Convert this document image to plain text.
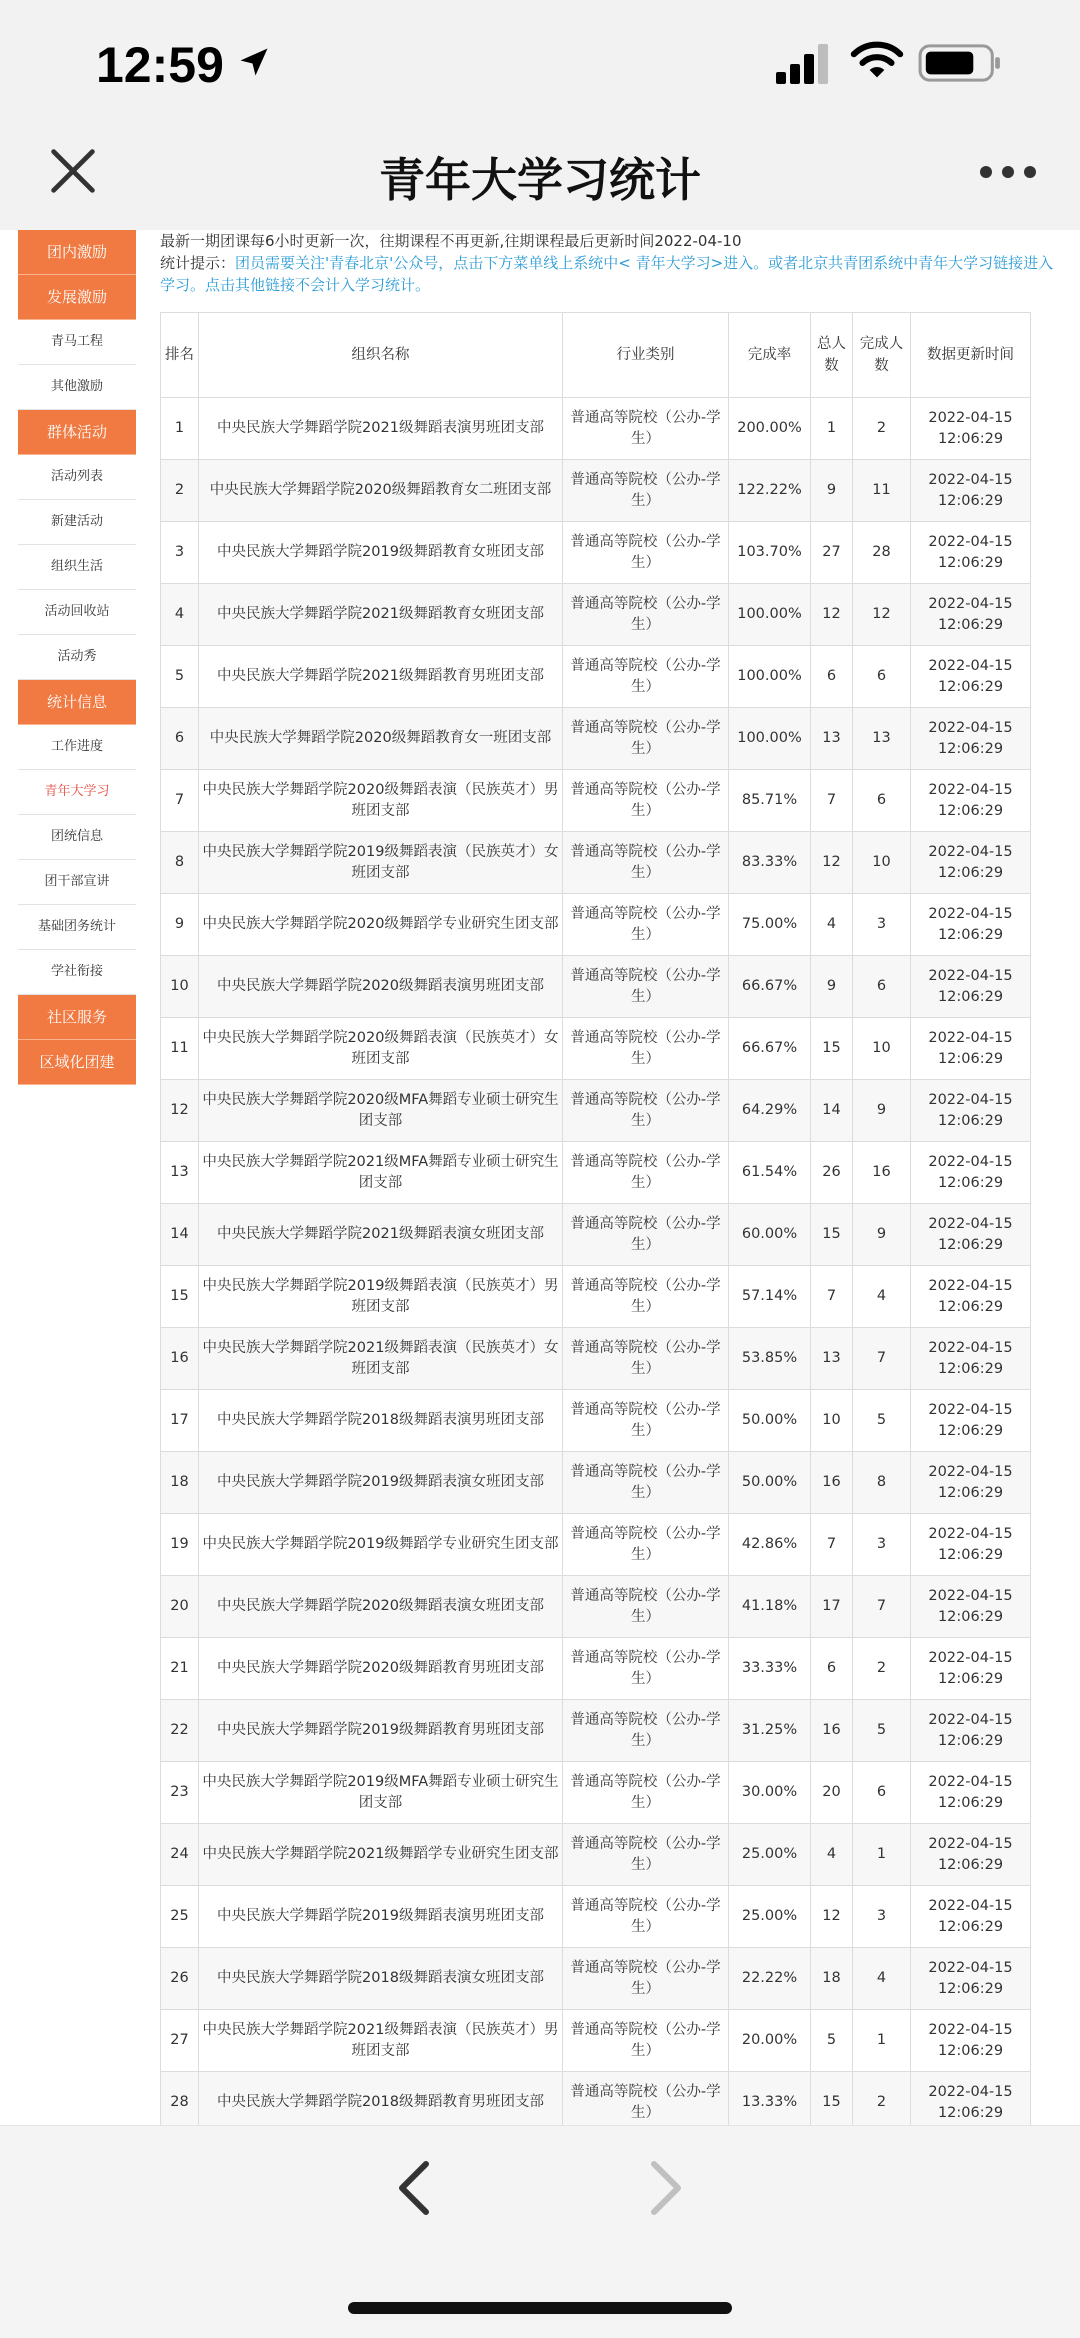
12:59
青年大学习统计
团内激励
发展激励
青马工程
其他激励
群体活动
活动列表
新建活动
组织生活
活动回收站
活动秀
统计信息
工作进度
青年大学习
团统信息
团干部宣讲
基础团务统计
学社衔接
社区服务
区域化团建
最新一期团课每6小时更新一次，往期课程不再更新,往期课程最后更新时间2022-04-10
统计提示：团员需要关注'青春北京'公众号，点击下方菜单线上系统中< 青年大学习>进入。或者北京共青团系统中青年大学习链接进入学习。点击其他链接不会计入学习统计。
排名	组织名称	行业类别	完成率	总人数	完成人数	数据更新时间
1	中央民族大学舞蹈学院2021级舞蹈表演男班团支部	普通高等院校（公办-学生）	200.00%	1	2	2022-04-15 12:06:29
2	中央民族大学舞蹈学院2020级舞蹈教育女二班团支部	普通高等院校（公办-学生）	122.22%	9	11	2022-04-15 12:06:29
3	中央民族大学舞蹈学院2019级舞蹈教育女班团支部	普通高等院校（公办-学生）	103.70%	27	28	2022-04-15 12:06:29
4	中央民族大学舞蹈学院2021级舞蹈教育女班团支部	普通高等院校（公办-学生）	100.00%	12	12	2022-04-15 12:06:29
5	中央民族大学舞蹈学院2021级舞蹈教育男班团支部	普通高等院校（公办-学生）	100.00%	6	6	2022-04-15 12:06:29
6	中央民族大学舞蹈学院2020级舞蹈教育女一班团支部	普通高等院校（公办-学生）	100.00%	13	13	2022-04-15 12:06:29
7	中央民族大学舞蹈学院2020级舞蹈表演（民族英才）男班团支部	普通高等院校（公办-学生）	85.71%	7	6	2022-04-15 12:06:29
8	中央民族大学舞蹈学院2019级舞蹈表演（民族英才）女班团支部	普通高等院校（公办-学生）	83.33%	12	10	2022-04-15 12:06:29
9	中央民族大学舞蹈学院2020级舞蹈学专业研究生团支部	普通高等院校（公办-学生）	75.00%	4	3	2022-04-15 12:06:29
10	中央民族大学舞蹈学院2020级舞蹈表演男班团支部	普通高等院校（公办-学生）	66.67%	9	6	2022-04-15 12:06:29
11	中央民族大学舞蹈学院2020级舞蹈表演（民族英才）女班团支部	普通高等院校（公办-学生）	66.67%	15	10	2022-04-15 12:06:29
12	中央民族大学舞蹈学院2020级MFA舞蹈专业硕士研究生团支部	普通高等院校（公办-学生）	64.29%	14	9	2022-04-15 12:06:29
13	中央民族大学舞蹈学院2021级MFA舞蹈专业硕士研究生团支部	普通高等院校（公办-学生）	61.54%	26	16	2022-04-15 12:06:29
14	中央民族大学舞蹈学院2021级舞蹈表演女班团支部	普通高等院校（公办-学生）	60.00%	15	9	2022-04-15 12:06:29
15	中央民族大学舞蹈学院2019级舞蹈表演（民族英才）男班团支部	普通高等院校（公办-学生）	57.14%	7	4	2022-04-15 12:06:29
16	中央民族大学舞蹈学院2021级舞蹈表演（民族英才）女班团支部	普通高等院校（公办-学生）	53.85%	13	7	2022-04-15 12:06:29
17	中央民族大学舞蹈学院2018级舞蹈表演男班团支部	普通高等院校（公办-学生）	50.00%	10	5	2022-04-15 12:06:29
18	中央民族大学舞蹈学院2019级舞蹈表演女班团支部	普通高等院校（公办-学生）	50.00%	16	8	2022-04-15 12:06:29
19	中央民族大学舞蹈学院2019级舞蹈学专业研究生团支部	普通高等院校（公办-学生）	42.86%	7	3	2022-04-15 12:06:29
20	中央民族大学舞蹈学院2020级舞蹈表演女班团支部	普通高等院校（公办-学生）	41.18%	17	7	2022-04-15 12:06:29
21	中央民族大学舞蹈学院2020级舞蹈教育男班团支部	普通高等院校（公办-学生）	33.33%	6	2	2022-04-15 12:06:29
22	中央民族大学舞蹈学院2019级舞蹈教育男班团支部	普通高等院校（公办-学生）	31.25%	16	5	2022-04-15 12:06:29
23	中央民族大学舞蹈学院2019级MFA舞蹈专业硕士研究生团支部	普通高等院校（公办-学生）	30.00%	20	6	2022-04-15 12:06:29
24	中央民族大学舞蹈学院2021级舞蹈学专业研究生团支部	普通高等院校（公办-学生）	25.00%	4	1	2022-04-15 12:06:29
25	中央民族大学舞蹈学院2019级舞蹈表演男班团支部	普通高等院校（公办-学生）	25.00%	12	3	2022-04-15 12:06:29
26	中央民族大学舞蹈学院2018级舞蹈表演女班团支部	普通高等院校（公办-学生）	22.22%	18	4	2022-04-15 12:06:29
27	中央民族大学舞蹈学院2021级舞蹈表演（民族英才）男班团支部	普通高等院校（公办-学生）	20.00%	5	1	2022-04-15 12:06:29
28	中央民族大学舞蹈学院2018级舞蹈教育男班团支部	普通高等院校（公办-学生）	13.33%	15	2	2022-04-15 12:06:29
